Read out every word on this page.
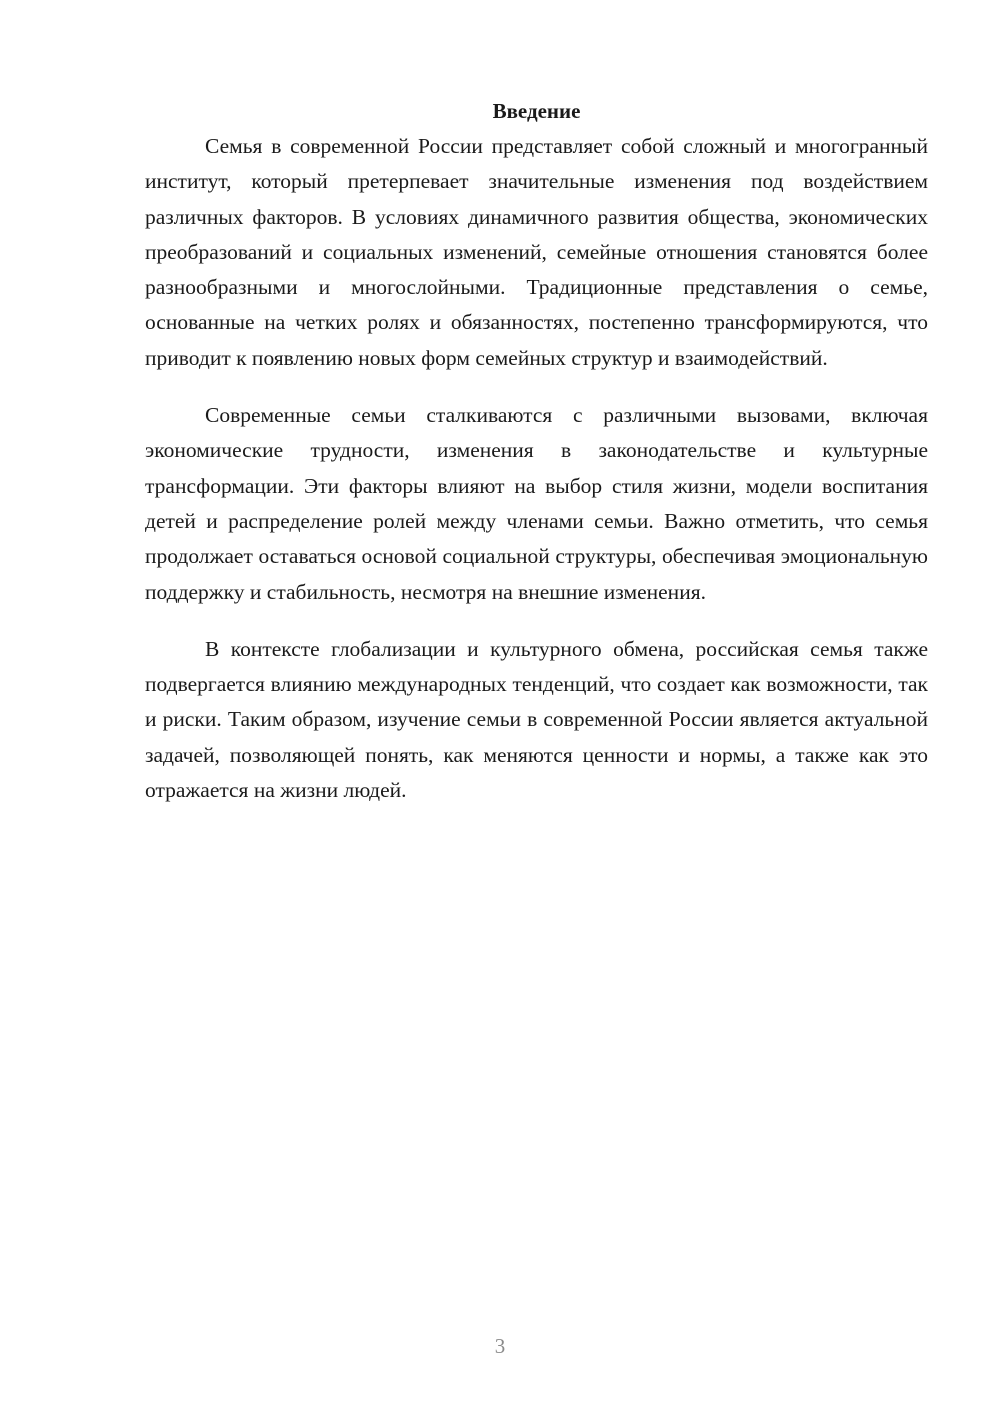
Введение

Семья в современной России представляет собой сложный и многогранный институт, который претерпевает значительные изменения под воздействием различных факторов. В условиях динамичного развития общества, экономических преобразований и социальных изменений, семейные отношения становятся более разнообразными и многослойными. Традиционные представления о семье, основанные на четких ролях и обязанностях, постепенно трансформируются, что приводит к появлению новых форм семейных структур и взаимодействий.

Современные семьи сталкиваются с различными вызовами, включая экономические трудности, изменения в законодательстве и культурные трансформации. Эти факторы влияют на выбор стиля жизни, модели воспитания детей и распределение ролей между членами семьи. Важно отметить, что семья продолжает оставаться основой социальной структуры, обеспечивая эмоциональную поддержку и стабильность, несмотря на внешние изменения.

В контексте глобализации и культурного обмена, российская семья также подвергается влиянию международных тенденций, что создает как возможности, так и риски. Таким образом, изучение семьи в современной России является актуальной задачей, позволяющей понять, как меняются ценности и нормы, а также как это отражается на жизни людей.

3
